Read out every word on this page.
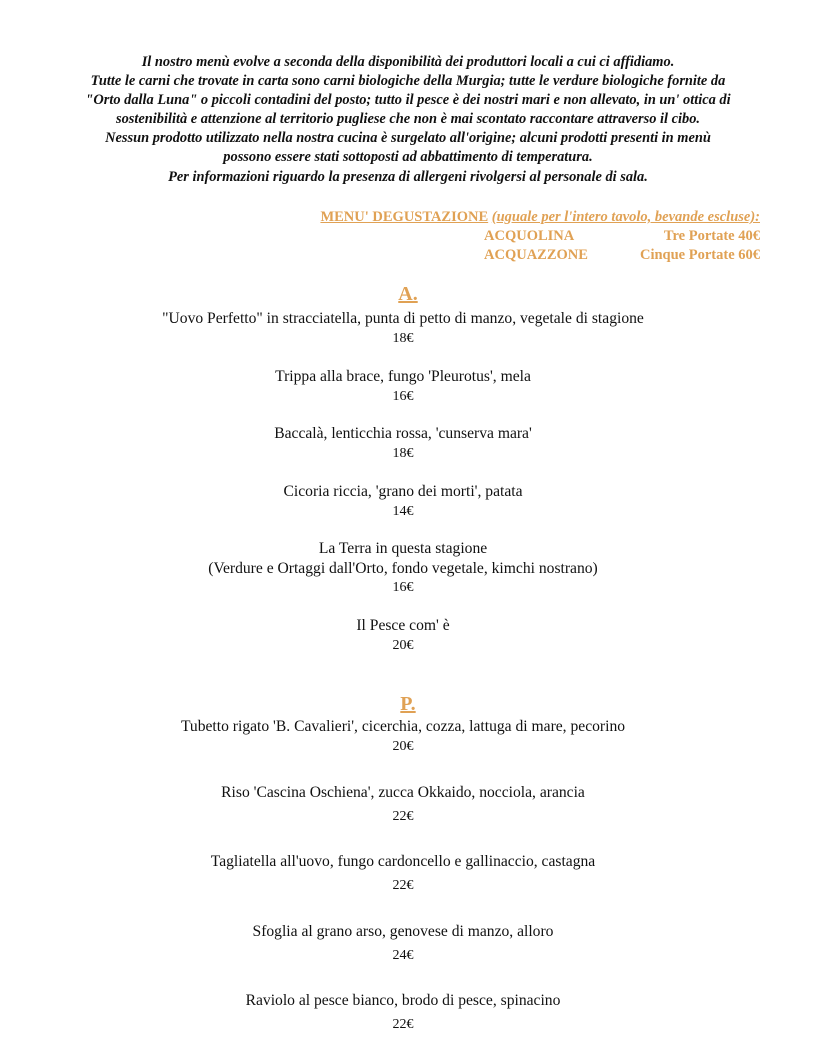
Il nostro menù evolve a seconda della disponibilità dei produttori locali a cui ci affidiamo.
Tutte le carni che trovate in carta sono carni biologiche della Murgia; tutte le verdure biologiche fornite da
"Orto dalla Luna" o piccoli contadini del posto; tutto il pesce è dei nostri mari e non allevato, in un' ottica di
sostenibilità e attenzione al territorio pugliese che non è mai scontato raccontare attraverso il cibo.
Nessun prodotto utilizzato nella nostra cucina è surgelato all'origine; alcuni prodotti presenti in menù
possono essere stati sottoposti ad abbattimento di temperatura.
Per informazioni riguardo la presenza di allergeni rivolgersi al personale di sala.
MENU' DEGUSTAZIONE (uguale per l'intero tavolo, bevande escluse):
ACQUOLINA	Tre Portate 40€
ACQUAZZONE	Cinque Portate 60€
A.
"Uovo Perfetto" in stracciatella, punta di petto di manzo, vegetale di stagione
18€
Trippa alla brace, fungo 'Pleurotus', mela
16€
Baccalà, lenticchia rossa, 'cunserva mara'
18€
Cicoria riccia, 'grano dei morti', patata
14€
La Terra in questa stagione
(Verdure e Ortaggi dall'Orto, fondo vegetale, kimchi nostrano)
16€
Il Pesce com' è
20€
P.
Tubetto rigato 'B. Cavalieri', cicerchia, cozza, lattuga di mare, pecorino
20€
Riso 'Cascina Oschiena', zucca Okkaido, nocciola, arancia
22€
Tagliatella all'uovo, fungo cardoncello e gallinaccio, castagna
22€
Sfoglia al grano arso, genovese di manzo, alloro
24€
Raviolo al pesce bianco, brodo di pesce, spinacino
22€
